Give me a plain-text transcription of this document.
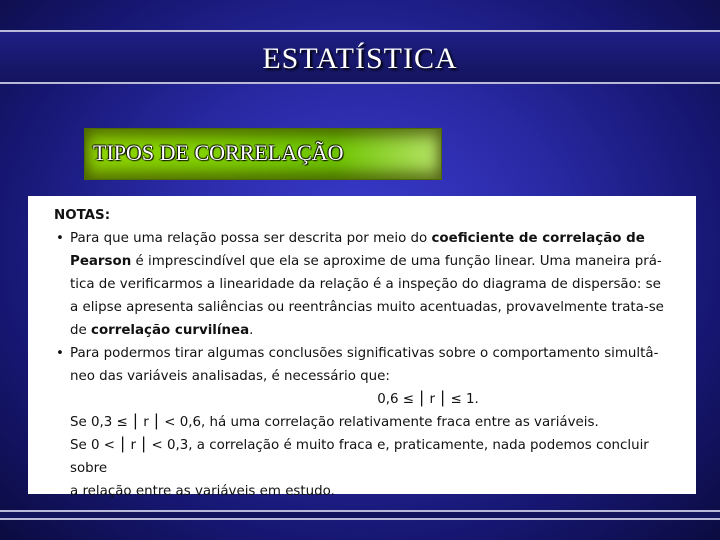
ESTATÍSTICA
TIPOS DE CORRELAÇÃO

NOTAS:

• Para que uma relação possa ser descrita por meio do coeficiente de correlação de
Pearson é imprescindível que ela se aproxime de uma função linear. Uma maneira prá-
tica de verificarmos a linearidade da relação é a inspeção do diagrama de dispersão: se
a elipse apresenta saliências ou reentrâncias muito acentuadas, provavelmente trata-se
de correlação curvilínea.
• Para podermos tirar algumas conclusões significativas sobre o comportamento simultâ-
neo das variáveis analisadas, é necessário que:
0,6 ≤ ⎮ r ⎮ ≤ 1.
Se 0,3 ≤ ⎮ r ⎮ < 0,6, há uma correlação relativamente fraca entre as variáveis.
Se 0 < ⎮ r ⎮ < 0,3, a correlação é muito fraca e, praticamente, nada podemos concluir sobre
a relação entre as variáveis em estudo.
